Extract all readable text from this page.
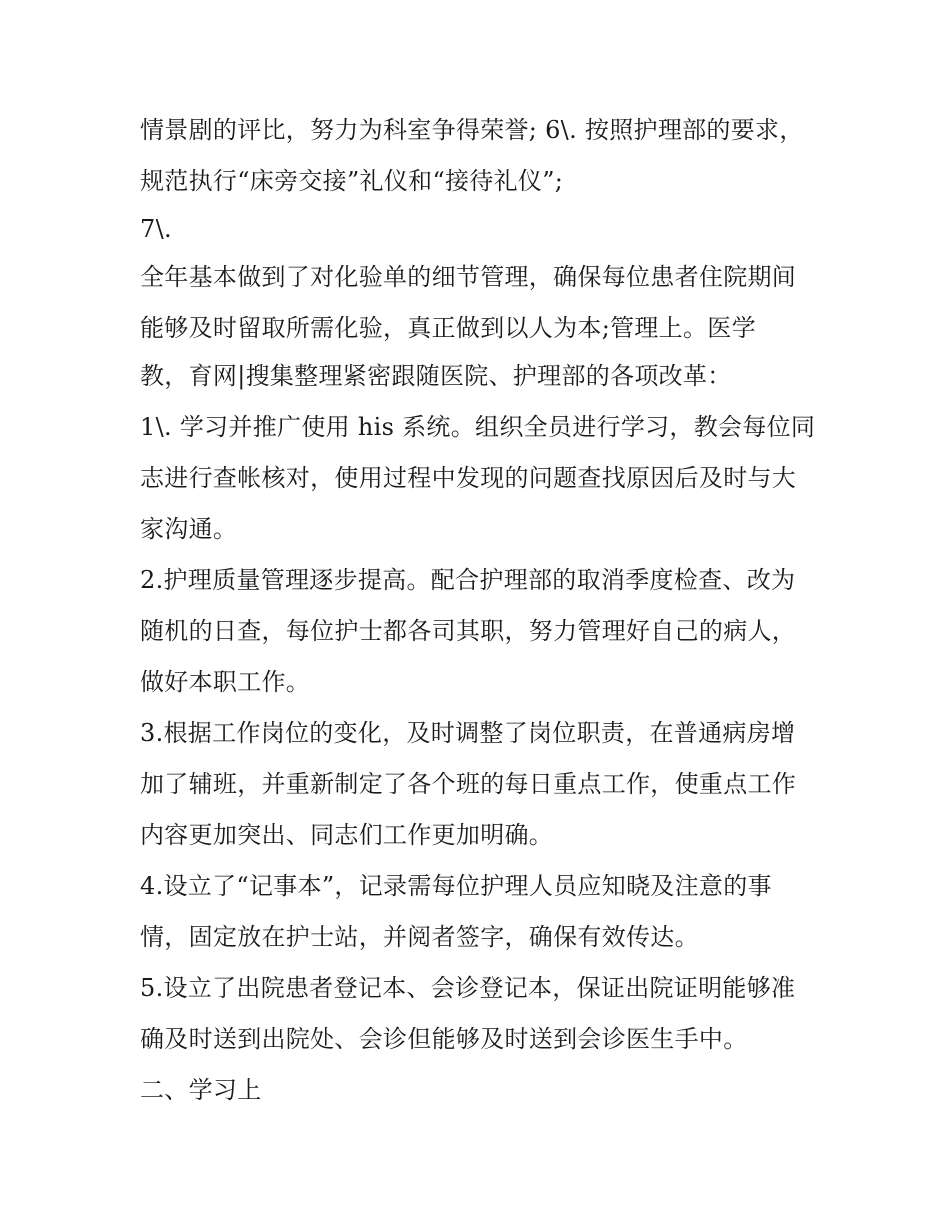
情景剧的评比，努力为科室争得荣誉; 6\. 按照护理部的要求，
规范执行“床旁交接”礼仪和“接待礼仪”;
7\.
全年基本做到了对化验单的细节管理，确保每位患者住院期间
能够及时留取所需化验，真正做到以人为本;管理上。医学
教，育网|搜集整理紧密跟随医院、护理部的各项改革：
1\. 学习并推广使用 his 系统。组织全员进行学习，教会每位同
志进行查帐核对，使用过程中发现的问题查找原因后及时与大
家沟通。
2.护理质量管理逐步提高。配合护理部的取消季度检查、改为
随机的日查，每位护士都各司其职，努力管理好自己的病人，
做好本职工作。
3.根据工作岗位的变化，及时调整了岗位职责，在普通病房增
加了辅班，并重新制定了各个班的每日重点工作，使重点工作
内容更加突出、同志们工作更加明确。
4.设立了“记事本”，记录需每位护理人员应知晓及注意的事
情，固定放在护士站，并阅者签字，确保有效传达。
5.设立了出院患者登记本、会诊登记本，保证出院证明能够准
确及时送到出院处、会诊但能够及时送到会诊医生手中。
二、学习上
